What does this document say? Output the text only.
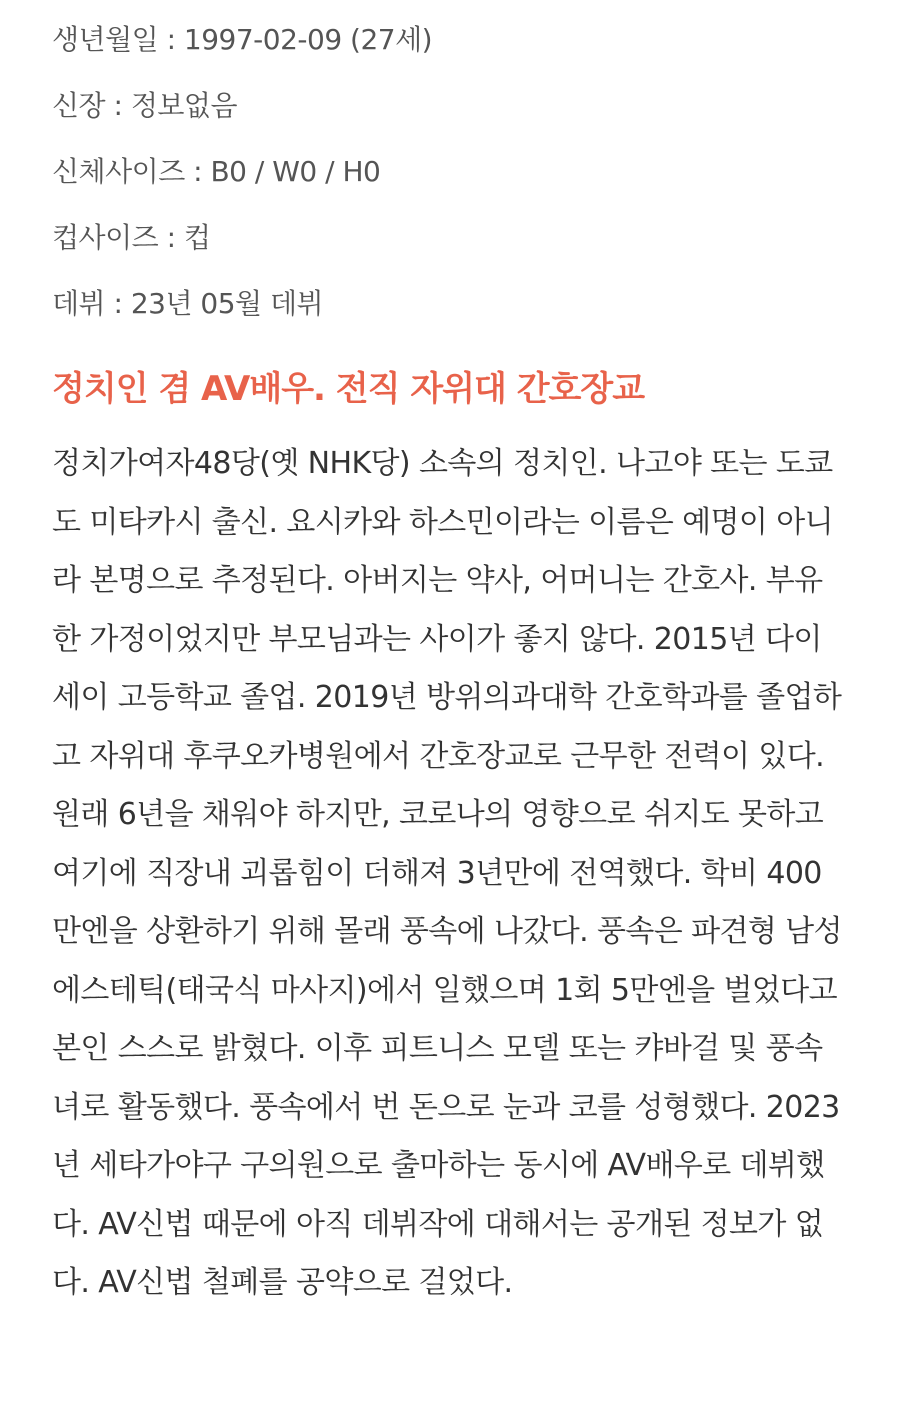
생년월일 : 1997-02-09 (27세)
신장 : 정보없음
신체사이즈 : B0 / W0 / H0
컵사이즈 : 컵
데뷔 : 23년 05월 데뷔
정치인 겸 AV배우. 전직 자위대 간호장교

정치가여자48당(옛 NHK당) 소속의 정치인. 나고야 또는 도쿄
도 미타카시 출신. 요시카와 하스민이라는 이름은 예명이 아니
라 본명으로 추정된다. 아버지는 약사, 어머니는 간호사. 부유
한 가정이었지만 부모님과는 사이가 좋지 않다. 2015년 다이
세이 고등학교 졸업. 2019년 방위의과대학 간호학과를 졸업하
고 자위대 후쿠오카병원에서 간호장교로 근무한 전력이 있다.
원래 6년을 채워야 하지만, 코로나의 영향으로 쉬지도 못하고
여기에 직장내 괴롭힘이 더해져 3년만에 전역했다. 학비 400
만엔을 상환하기 위해 몰래 풍속에 나갔다. 풍속은 파견형 남성
에스테틱(태국식 마사지)에서 일했으며 1회 5만엔을 벌었다고
본인 스스로 밝혔다. 이후 피트니스 모델 또는 캬바걸 및 풍속
녀로 활동했다. 풍속에서 번 돈으로 눈과 코를 성형했다. 2023
년 세타가야구 구의원으로 출마하는 동시에 AV배우로 데뷔했
다. AV신법 때문에 아직 데뷔작에 대해서는 공개된 정보가 없
다. AV신법 철폐를 공약으로 걸었다.
